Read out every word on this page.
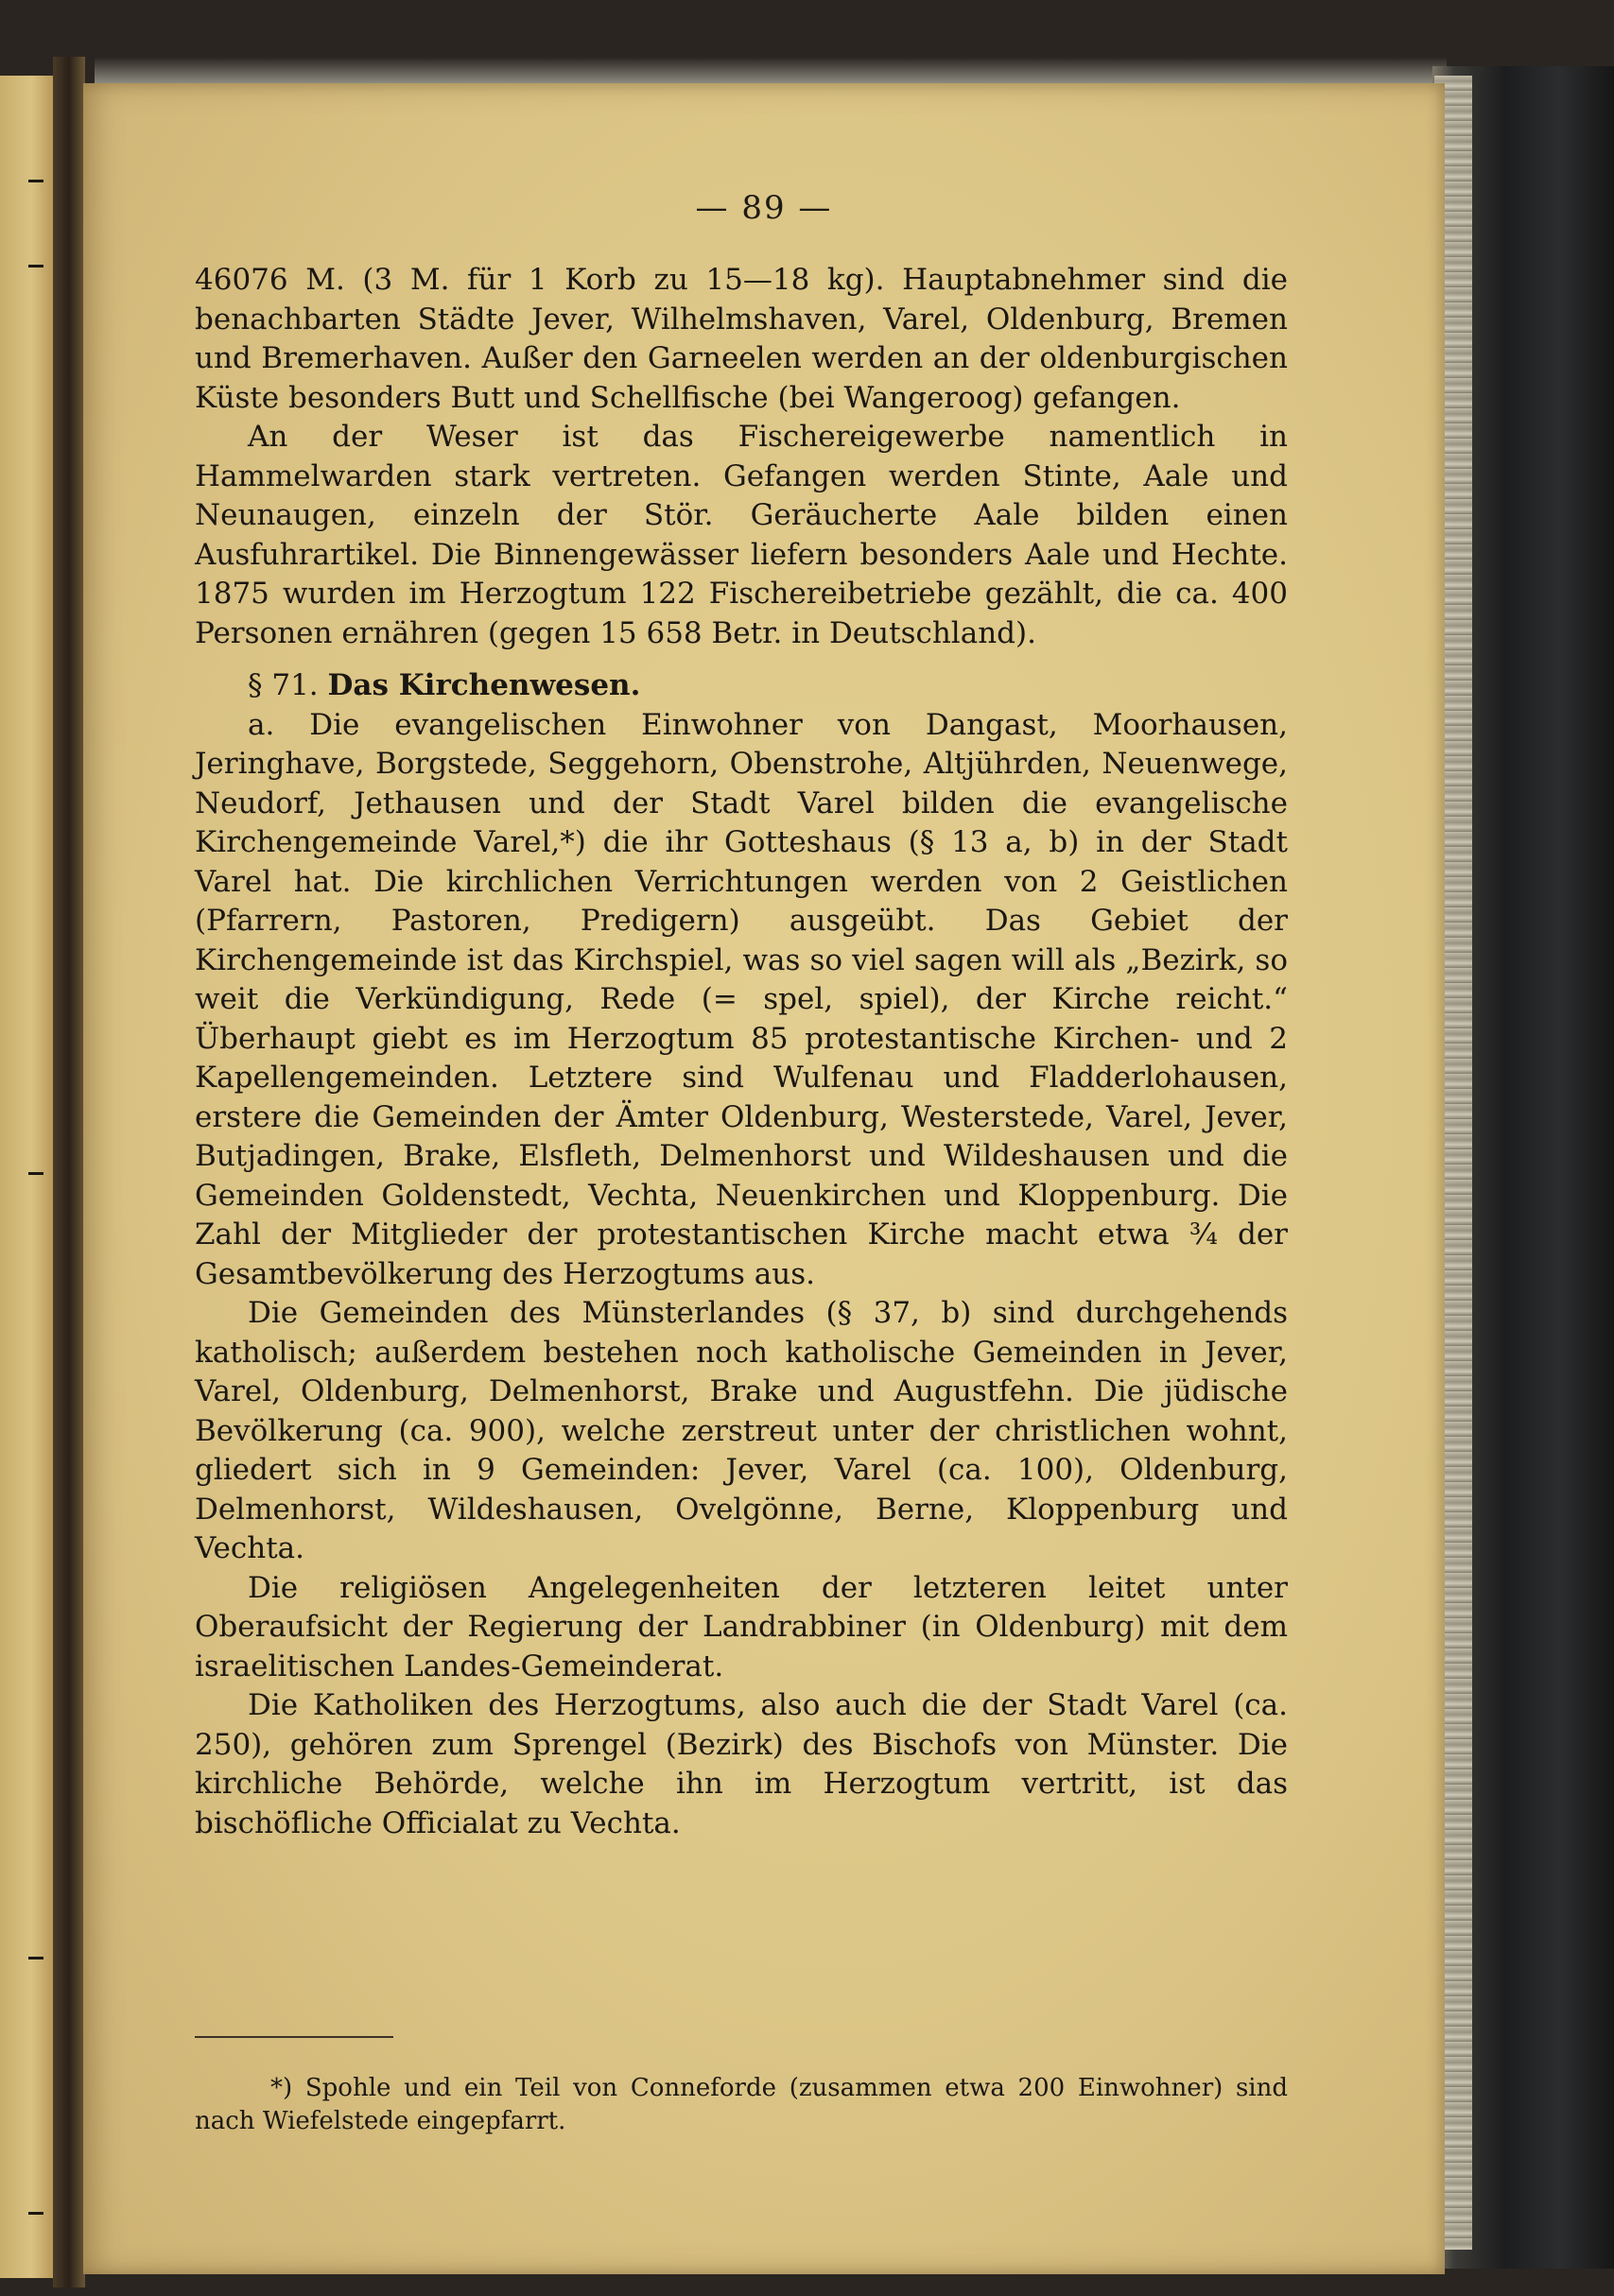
— 89 —

46076 M. (3 M. für 1 Korb zu 15—18 kg). Hauptabnehmer sind die benachbarten Städte Jever, Wilhelmshaven, Varel, Oldenburg, Bremen und Bremerhaven. Außer den Garneelen werden an der oldenburgischen Küste besonders Butt und Schellfische (bei Wangeroog) gefangen.

An der Weser ist das Fischereigewerbe namentlich in Hammelwarden stark vertreten. Gefangen werden Stinte, Aale und Neunaugen, einzeln der Stör. Geräucherte Aale bilden einen Ausfuhrartikel. Die Binnengewässer liefern besonders Aale und Hechte. 1875 wurden im Herzogtum 122 Fischereibetriebe gezählt, die ca. 400 Personen ernähren (gegen 15 658 Betr. in Deutschland).

§ 71. Das Kirchenwesen.

a. Die evangelischen Einwohner von Dangast, Moorhausen, Jeringhave, Borgstede, Seggehorn, Obenstrohe, Altjührden, Neuenwege, Neudorf, Jethausen und der Stadt Varel bilden die evangelische Kirchengemeinde Varel,*) die ihr Gotteshaus (§ 13 a, b) in der Stadt Varel hat. Die kirchlichen Verrichtungen werden von 2 Geistlichen (Pfarrern, Pastoren, Predigern) ausgeübt. Das Gebiet der Kirchengemeinde ist das Kirchspiel, was so viel sagen will als „Bezirk, so weit die Verkündigung, Rede (= spel, spiel), der Kirche reicht.“ Überhaupt giebt es im Herzogtum 85 protestantische Kirchen- und 2 Kapellengemeinden. Letztere sind Wulfenau und Fladderlohausen, erstere die Gemeinden der Ämter Oldenburg, Westerstede, Varel, Jever, Butjadingen, Brake, Elsfleth, Delmenhorst und Wildeshausen und die Gemeinden Goldenstedt, Vechta, Neuenkirchen und Kloppenburg. Die Zahl der Mitglieder der protestantischen Kirche macht etwa ¾ der Gesamtbevölkerung des Herzogtums aus.

Die Gemeinden des Münsterlandes (§ 37, b) sind durchgehends katholisch; außerdem bestehen noch katholische Gemeinden in Jever, Varel, Oldenburg, Delmenhorst, Brake und Augustfehn. Die jüdische Bevölkerung (ca. 900), welche zerstreut unter der christlichen wohnt, gliedert sich in 9 Gemeinden: Jever, Varel (ca. 100), Oldenburg, Delmenhorst, Wildeshausen, Ovelgönne, Berne, Kloppenburg und Vechta.

Die religiösen Angelegenheiten der letzteren leitet unter Oberaufsicht der Regierung der Landrabbiner (in Oldenburg) mit dem israelitischen Landes-Gemeinderat.

Die Katholiken des Herzogtums, also auch die der Stadt Varel (ca. 250), gehören zum Sprengel (Bezirk) des Bischofs von Münster. Die kirchliche Behörde, welche ihn im Herzogtum vertritt, ist das bischöfliche Officialat zu Vechta.

*) Spohle und ein Teil von Conneforde (zusammen etwa 200 Einwohner) sind nach Wiefelstede eingepfarrt.
